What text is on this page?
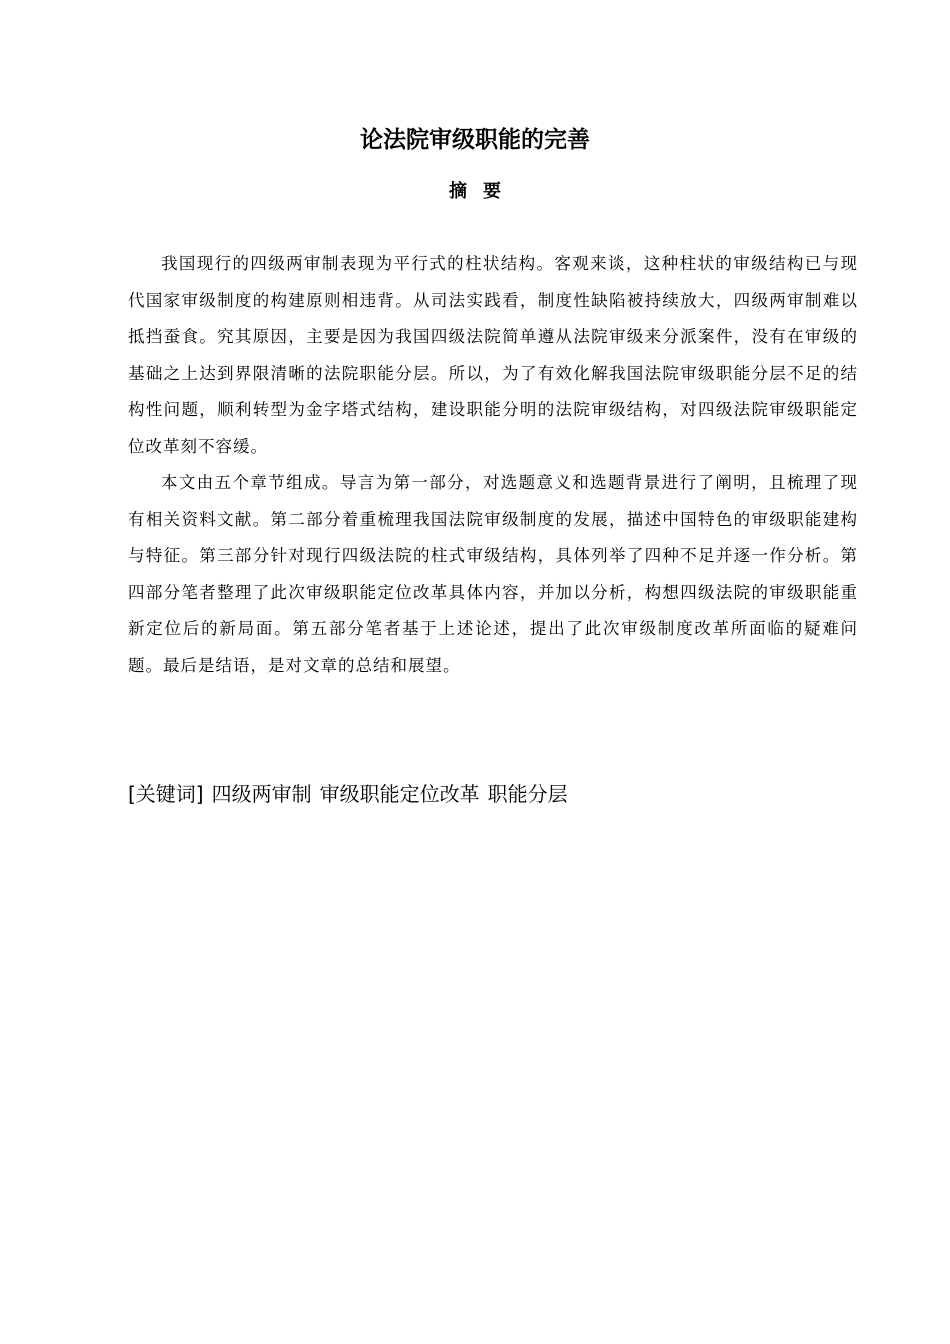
论法院审级职能的完善
摘要

我国现行的四级两审制表现为平行式的柱状结构。客观来谈，这种柱状的审级结构已与现代国家审级制度的构建原则相违背。从司法实践看，制度性缺陷被持续放大，四级两审制难以抵挡蚕食。究其原因，主要是因为我国四级法院简单遵从法院审级来分派案件，没有在审级的基础之上达到界限清晰的法院职能分层。所以，为了有效化解我国法院审级职能分层不足的结构性问题，顺利转型为金字塔式结构，建设职能分明的法院审级结构，对四级法院审级职能定位改革刻不容缓。

本文由五个章节组成。导言为第一部分，对选题意义和选题背景进行了阐明，且梳理了现有相关资料文献。第二部分着重梳理我国法院审级制度的发展，描述中国特色的审级职能建构与特征。第三部分针对现行四级法院的柱式审级结构，具体列举了四种不足并逐一作分析。第四部分笔者整理了此次审级职能定位改革具体内容，并加以分析，构想四级法院的审级职能重新定位后的新局面。第五部分笔者基于上述论述，提出了此次审级制度改革所面临的疑难问题。最后是结语，是对文章的总结和展望。

[关键词] 四级两审制 审级职能定位改革 职能分层
